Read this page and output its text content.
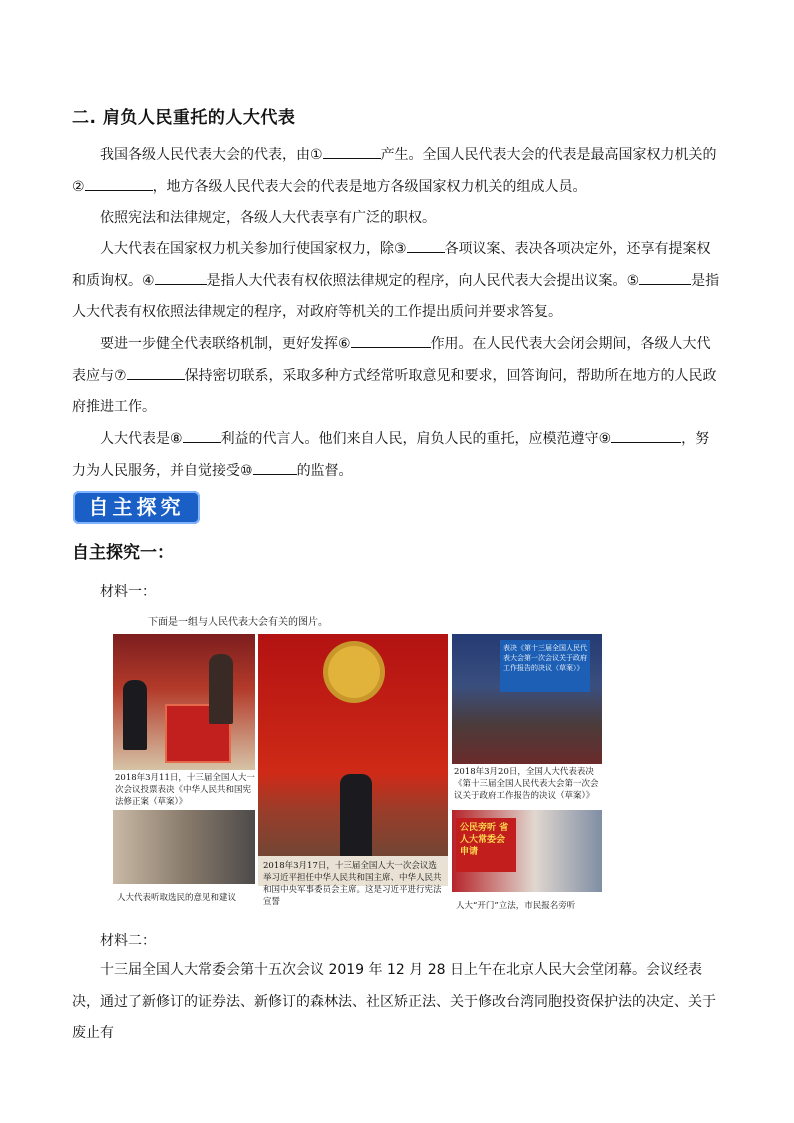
二. 肩负人民重托的人大代表
我国各级人民代表大会的代表，由①	产生。全国人民代表大会的代表是最高国家权力机关的②	，地方各级人民代表大会的代表是地方各级国家权力机关的组成人员。
依照宪法和法律规定，各级人大代表享有广泛的职权。
人大代表在国家权力机关参加行使国家权力，除③	各项议案、表决各项决定外，还享有提案权和质询权。④	是指人大代表有权依照法律规定的程序，向人民代表大会提出议案。⑤	是指人大代表有权依照法律规定的程序，对政府等机关的工作提出质问并要求答复。
要进一步健全代表联络机制，更好发挥⑥	作用。在人民代表大会闭会期间，各级人大代表应与⑦	保持密切联系，采取多种方式经常听取意见和要求，回答询问，帮助所在地方的人民政府推进工作。
人大代表是⑧	利益的代言人。他们来自人民，肩负人民的重托，应模范遵守⑨	，努力为人民服务，并自觉接受⑩	的监督。
自主探究
自主探究一：
材料一：
下面是一组与人民代表大会有关的图片。
2018年3月11日，十三届全国人大一次会议投票表决《中华人民共和国宪法修正案（草案）》
2018年3月17日，十三届全国人大一次会议选举习近平担任中华人民共和国主席、中华人民共和国中央军事委员会主席。这是习近平进行宪法宣誓
表决《第十三届全国人民代表大会第一次会议关于政府工作报告的决议（草案）》
2018年3月20日，全国人大代表表决《第十三届全国人民代表大会第一次会议关于政府工作报告的决议（草案）》
人大代表听取选民的意见和建议
公民旁听 省人大常委会 申请
人大“开门”立法，市民报名旁听
材料二：
十三届全国人大常委会第十五次会议 2019 年 12 月 28 日上午在北京人民大会堂闭幕。会议经表决，通过了新修订的证券法、新修订的森林法、社区矫正法、关于修改台湾同胞投资保护法的决定、关于废止有
